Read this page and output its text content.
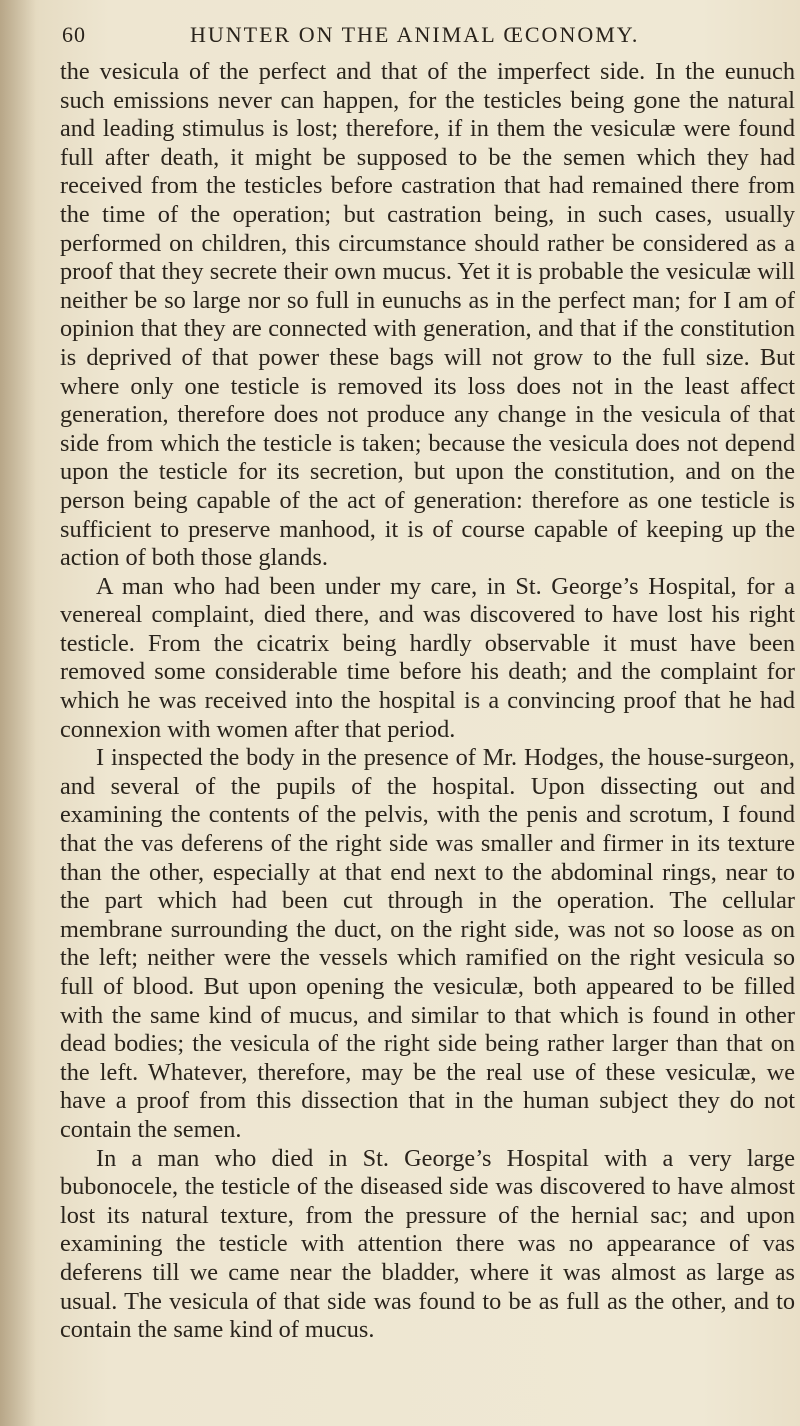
60	HUNTER ON THE ANIMAL ŒCONOMY.

the vesicula of the perfect and that of the imperfect side. In the eunuch such emissions never can happen, for the testicles being gone the natural and leading stimulus is lost; therefore, if in them the vesiculæ were found full after death, it might be supposed to be the semen which they had received from the testicles before castration that had remained there from the time of the operation; but castration being, in such cases, usually performed on children, this circumstance should rather be considered as a proof that they secrete their own mucus. Yet it is probable the vesiculæ will neither be so large nor so full in eunuchs as in the perfect man; for I am of opinion that they are connected with generation, and that if the constitution is deprived of that power these bags will not grow to the full size. But where only one testicle is removed its loss does not in the least affect generation, therefore does not produce any change in the vesicula of that side from which the testicle is taken; because the vesicula does not depend upon the testicle for its secretion, but upon the constitution, and on the person being capable of the act of generation: therefore as one testicle is sufficient to preserve manhood, it is of course capable of keeping up the action of both those glands.

A man who had been under my care, in St. George’s Hospital, for a venereal complaint, died there, and was discovered to have lost his right testicle. From the cicatrix being hardly observable it must have been removed some considerable time before his death; and the complaint for which he was received into the hospital is a convincing proof that he had connexion with women after that period.

I inspected the body in the presence of Mr. Hodges, the house-surgeon, and several of the pupils of the hospital. Upon dissecting out and examining the contents of the pelvis, with the penis and scrotum, I found that the vas deferens of the right side was smaller and firmer in its texture than the other, especially at that end next to the abdominal rings, near to the part which had been cut through in the operation. The cellular membrane surrounding the duct, on the right side, was not so loose as on the left; neither were the vessels which ramified on the right vesicula so full of blood. But upon opening the vesiculæ, both appeared to be filled with the same kind of mucus, and similar to that which is found in other dead bodies; the vesicula of the right side being rather larger than that on the left. Whatever, therefore, may be the real use of these vesiculæ, we have a proof from this dissection that in the human subject they do not contain the semen.

In a man who died in St. George’s Hospital with a very large bubonocele, the testicle of the diseased side was discovered to have almost lost its natural texture, from the pressure of the hernial sac; and upon examining the testicle with attention there was no appearance of vas deferens till we came near the bladder, where it was almost as large as usual. The vesicula of that side was found to be as full as the other, and to contain the same kind of mucus.
